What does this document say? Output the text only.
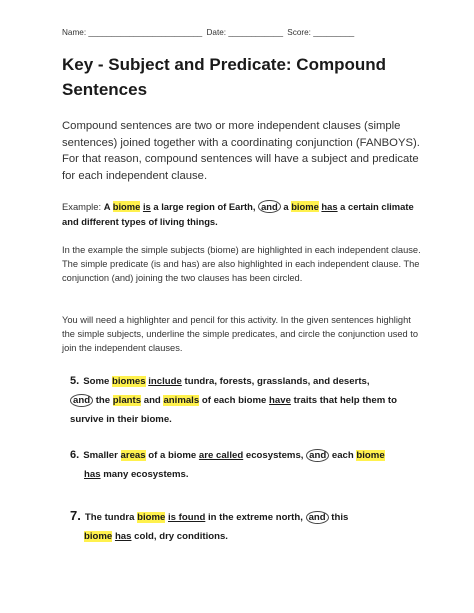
Name: _________________________ Date: ____________ Score: _________
Key - Subject and Predicate: Compound Sentences
Compound sentences are two or more independent clauses (simple sentences) joined together with a coordinating conjunction (FANBOYS). For that reason, compound sentences will have a subject and predicate for each independent clause.
Example: A biome is a large region of Earth, and a biome has a certain climate and different types of living things.
In the example the simple subjects (biome) are highlighted in each independent clause. The simple predicate (is and has) are also highlighted in each independent clause. The conjunction (and) joining the two clauses has been circled.
You will need a highlighter and pencil for this activity. In the given sentences highlight the simple subjects, underline the simple predicates, and circle the conjunction used to join the independent clauses.
5. Some biomes include tundra, forests, grasslands, and deserts,
and the plants and animals of each biome have traits that help them to survive in their biome.
6. Smaller areas of a biome are called ecosystems, and each biome
has many ecosystems.
7. The tundra biome is found in the extreme north, and this
biome has cold, dry conditions.
